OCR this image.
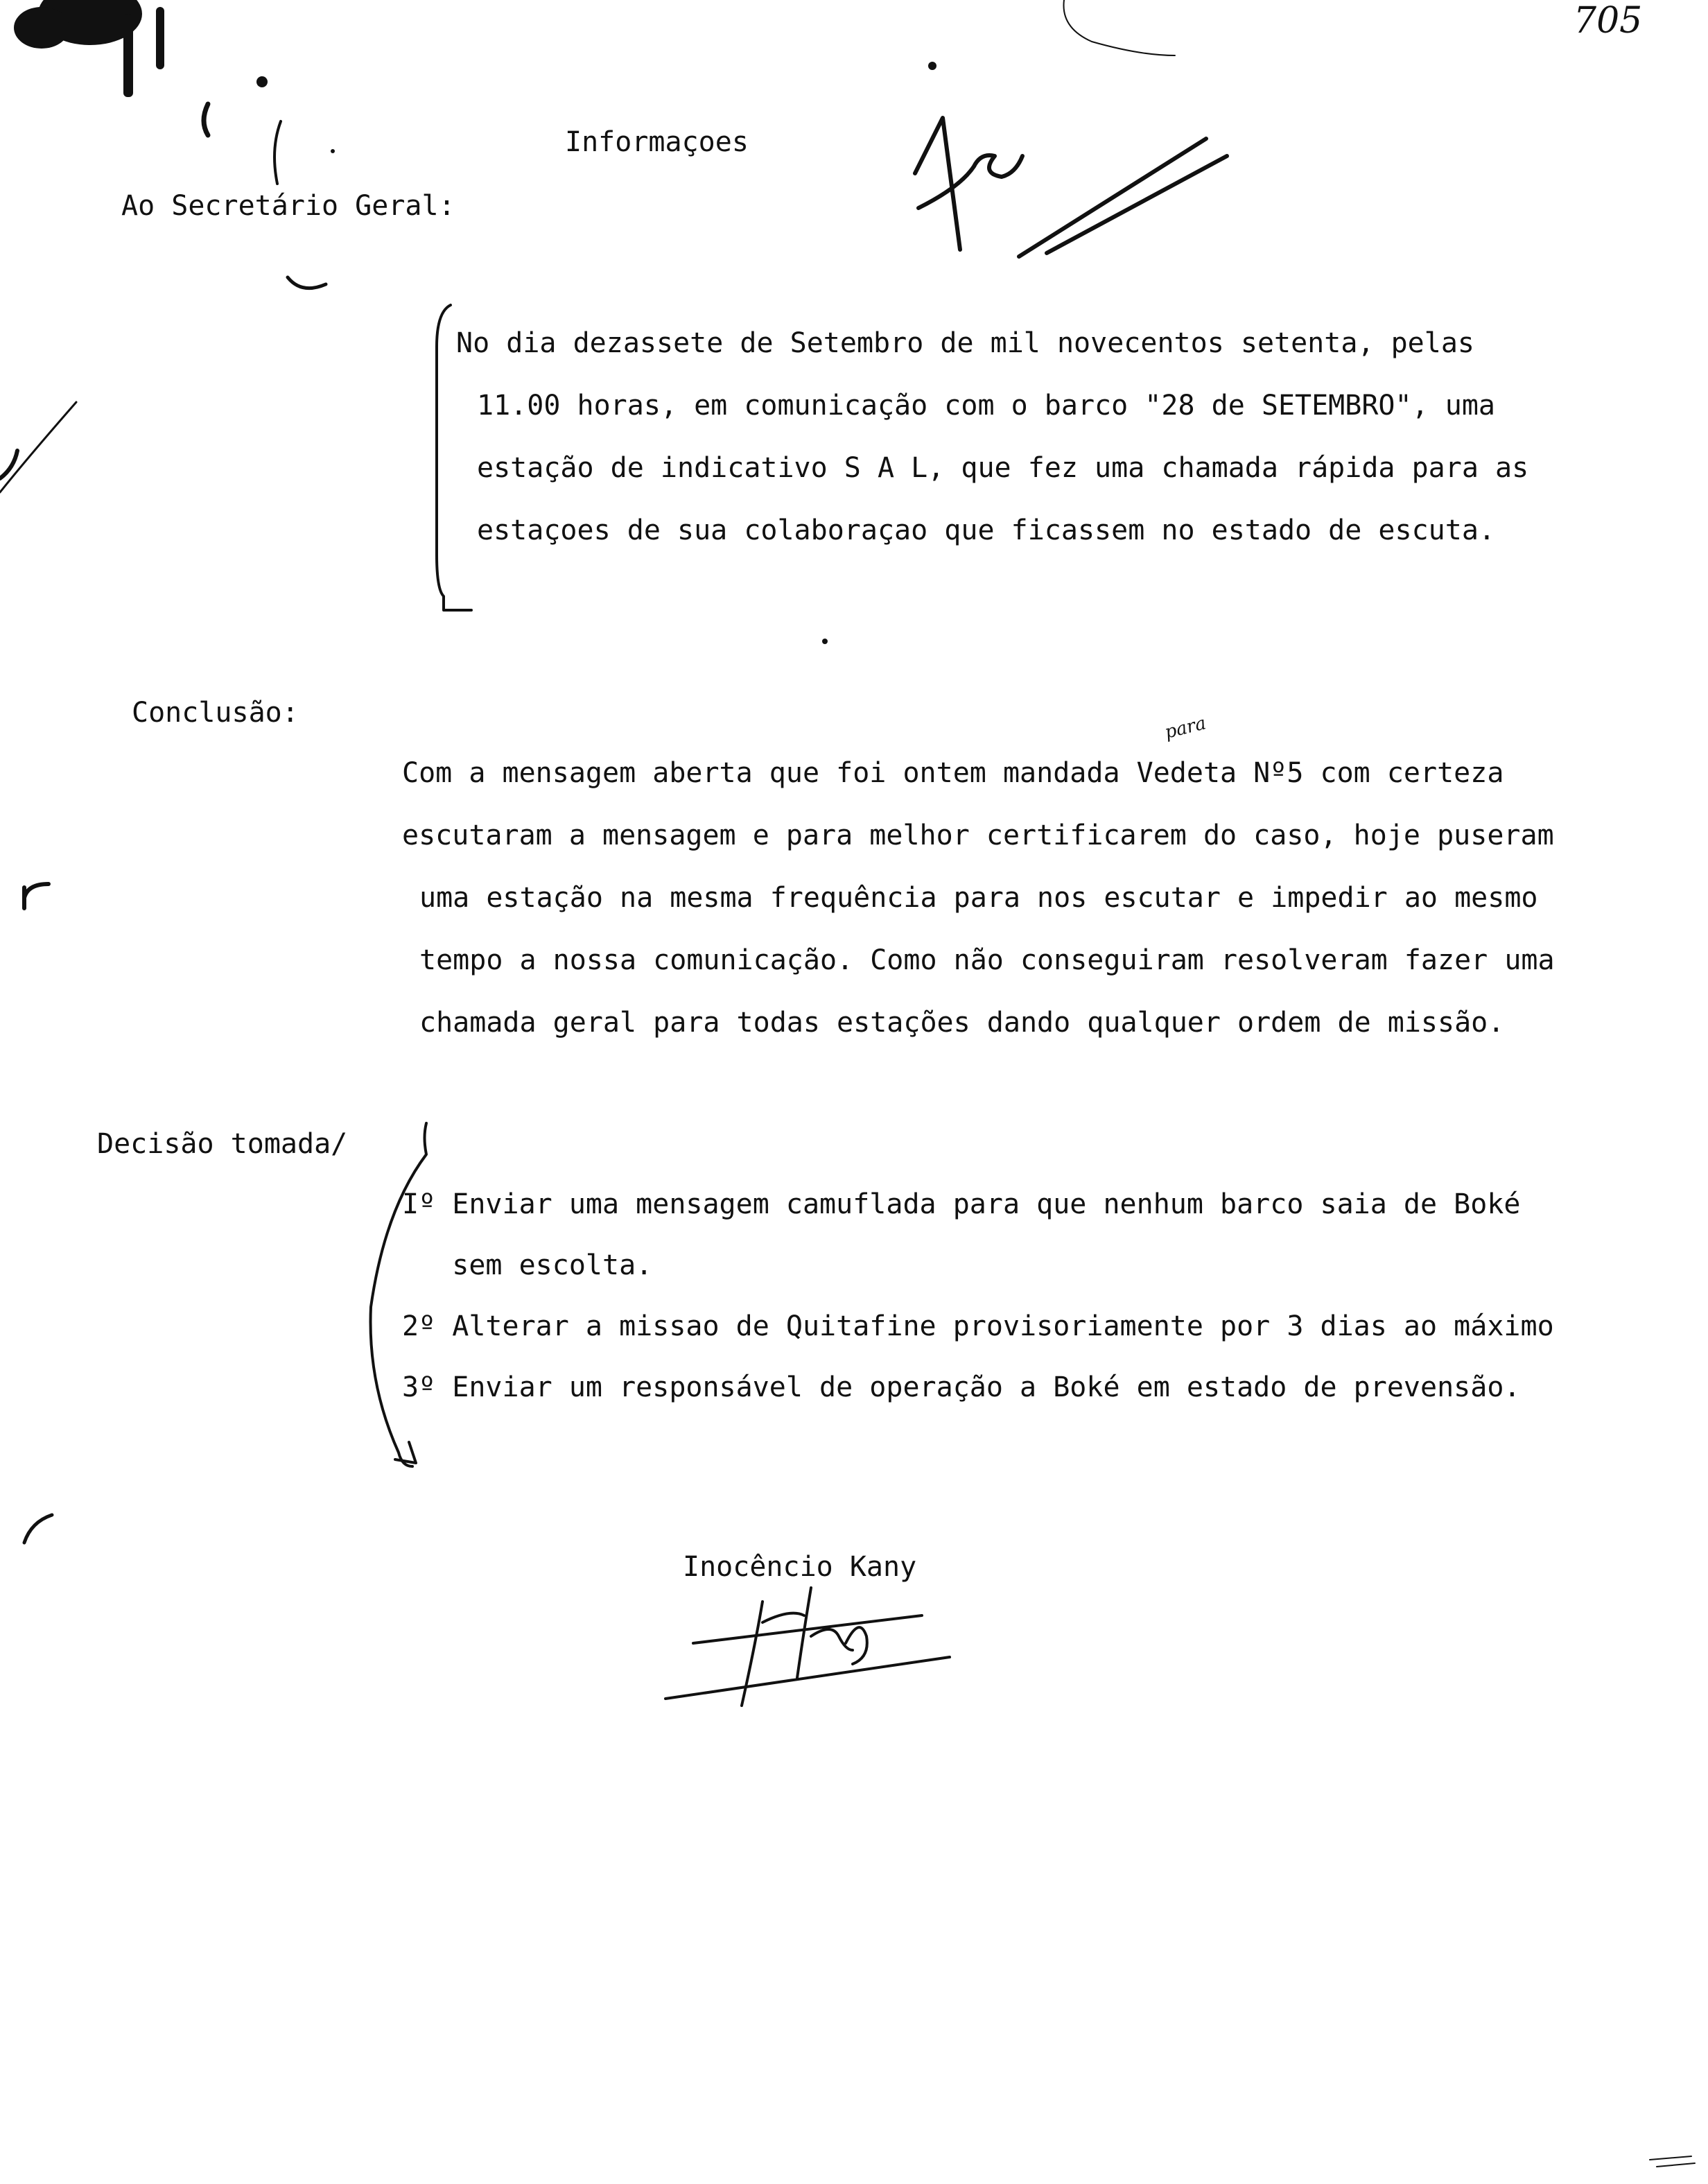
705
Informaçoes
Ao Secretário Geral:
No dia dezassete de Setembro de mil novecentos setenta, pelas
11.00 horas, em comunicação com o barco "28 de SETEMBRO", uma
estação de indicativo S A L, que fez uma chamada rápida para as
estaçoes de sua colaboraçao que ficassem no estado de escuta.
Conclusão:	para
Com a mensagem aberta que foi ontem mandada Vedeta Nº5 com certeza
escutaram a mensagem e para melhor certificarem do caso, hoje puseram
uma estação na mesma frequência para nos escutar e impedir ao mesmo
tempo a nossa comunicação. Como não conseguiram resolveram fazer uma
chamada geral para todas estações dando qualquer ordem de missão.
Decisão tomada/
Iº Enviar uma mensagem camuflada para que nenhum barco saia de Boké
sem escolta.
2º Alterar a missao de Quitafine provisoriamente por 3 dias ao máximo
3º Enviar um responsável de operação a Boké em estado de prevensão.
Inocêncio Kany
